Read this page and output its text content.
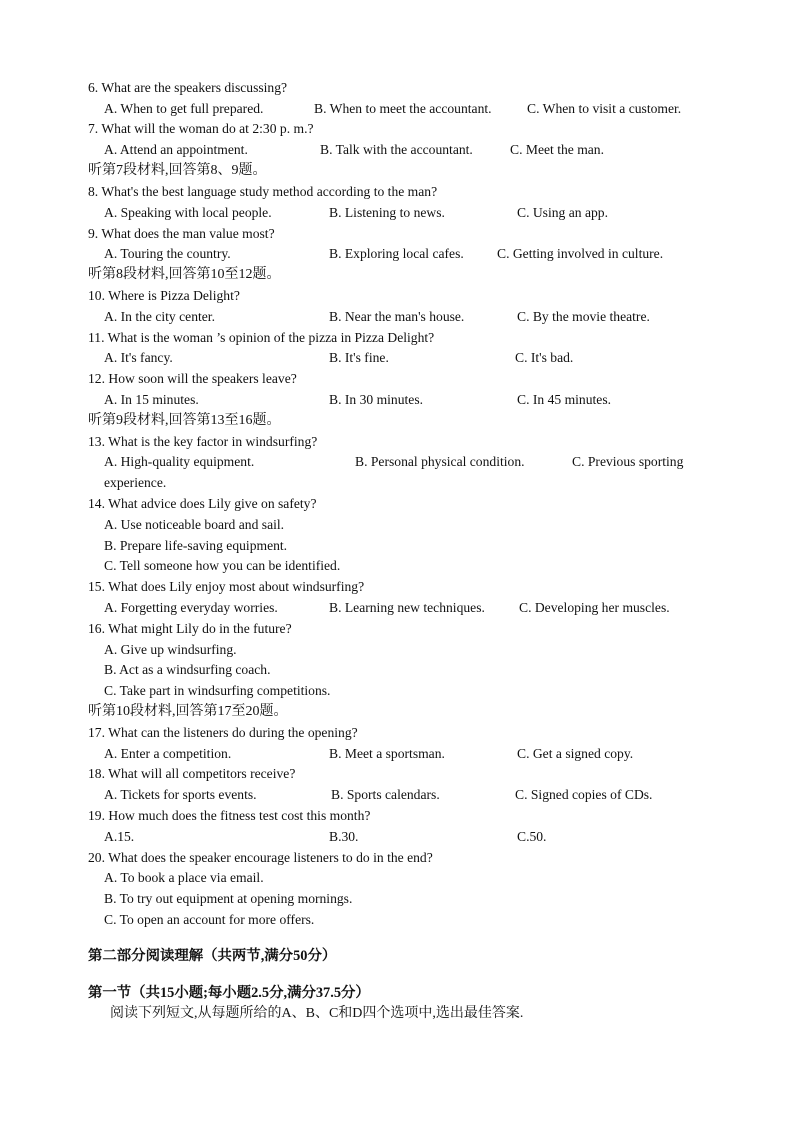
6. What are the speakers discussing?
A. When to get full prepared.	B. When to meet the accountant.	C. When to visit a customer.
7. What will the woman do at 2:30 p. m.?
A. Attend an appointment.	B. Talk with the accountant.	C. Meet the man.
听第7段材料,回答第8、9题。
8. What's the best language study method according to the man?
A. Speaking with local people.	B. Listening to news.	C. Using an app.
9. What does the man value most?
A. Touring the country.	B. Exploring local cafes. C. Getting involved in culture.
听第8段材料,回答第10至12题。
10. Where is Pizza Delight?
A. In the city center.	B. Near the man's house.	C. By the movie theatre.
11. What is the woman ’s opinion of the pizza in Pizza Delight?
A. It's fancy.	B. It's fine.	C. It's bad.
12. How soon will the speakers leave?
A. In 15 minutes.	B. In 30 minutes.	C. In 45 minutes.
听第9段材料,回答第13至16题。
13. What is the key factor in windsurfing?
A. High-quality equipment.	B. Personal physical condition.	C. Previous sporting
experience.
14. What advice does Lily give on safety?
A. Use noticeable board and sail.
B. Prepare life-saving equipment.
C. Tell someone how you can be identified.
15. What does Lily enjoy most about windsurfing?
A. Forgetting everyday worries.	B. Learning new techniques.	C. Developing her muscles.
16. What might Lily do in the future?
A. Give up windsurfing.
B. Act as a windsurfing coach.
C. Take part in windsurfing competitions.
听第10段材料,回答第17至20题。
17. What can the listeners do during the opening?
A. Enter a competition.	B. Meet a sportsman.	C. Get a signed copy.
18. What will all competitors receive?
A. Tickets for sports events.	B. Sports calendars.	C. Signed copies of CDs.
19. How much does the fitness test cost this month?
A.15.	B.30.	C.50.
20. What does the speaker encourage listeners to do in the end?
A. To book a place via email.
B. To try out equipment at opening mornings.
C. To open an account for more offers.
第二部分阅读理解（共两节,满分50分）
第一节（共15小题;每小题2.5分,满分37.5分）
阅读下列短文,从每题所给的A、B、C和D四个选项中,选出最佳答案.
